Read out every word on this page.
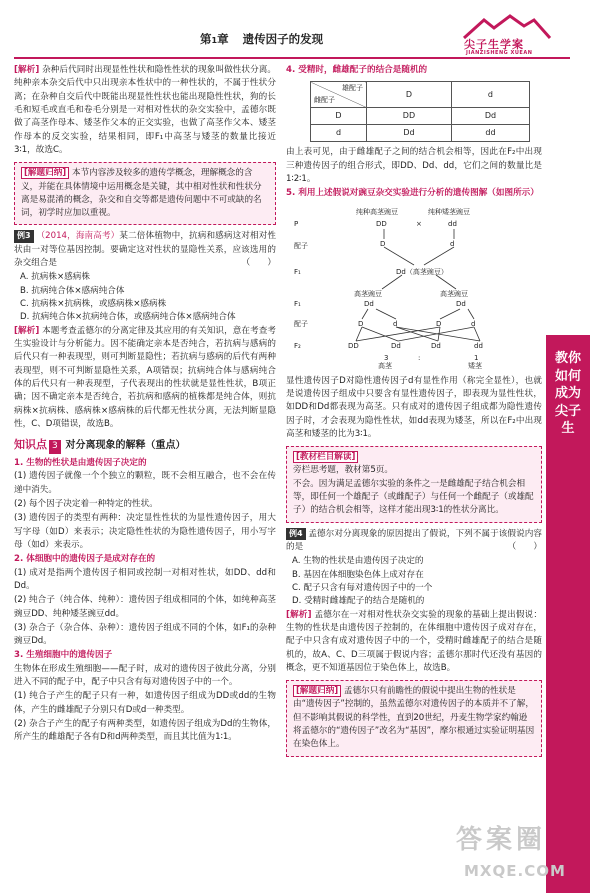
第1章 遗传因子的发现	尖子生学案
JIANZISHENG XUEAN

[解析] 杂种后代同时出现显性性状和隐性性状的现象叫做性状分离。纯种亲本杂交后代中只出现亲本性状中的一种性状的，不属于性状分离；在杂种自交后代中既能出现显性性状也能出现隐性性状，狗的长毛和短毛或直毛和卷毛分别是一对相对性状的杂交实验中，孟德尔既做了高茎作母本、矮茎作父本的正交实验，也做了高茎作父本、矮茎作母本的反交实验，结果相同，即F₁中高茎与矮茎的数量比接近3∶1，故选C。

[解题归纳] 本节内容涉及较多的遗传学概念，理解概念的含义，并能在具体情境中运用概念是关键，其中相对性状和性状分离是易混淆的概念，杂交和自交等都是遗传问题中不可或缺的名词，初学时应加以重视。

例3 （2014，海南高考）某二倍体植物中，抗病和感病这对相对性状由一对等位基因控制。要确定这对性状的显隐性关系，应该选用的杂交组合是	（　　）

A. 抗病株×感病株
B. 抗病纯合体×感病纯合体
C. 抗病株×抗病株，或感病株×感病株
D. 抗病纯合体×抗病纯合体，或感病纯合体×感病纯合体

[解析] 本题考查孟德尔的分离定律及其应用的有关知识，意在考查考生实验设计与分析能力。因不能确定亲本是否纯合，若抗病与感病的后代只有一种表现型，则可判断显隐性；若抗病与感病的后代有两种表现型，则不可判断显隐性关系，A项错误；抗病纯合体与感病纯合体的后代只有一种表现型，子代表现出的性状就是显性性状，B项正确；因不确定亲本是否纯合，若抗病和感病的植株都是纯合体，则抗病株×抗病株、感病株×感病株的后代都无性状分离，无法判断显隐性，C、D项错误，故选B。

知识点 3 对分离现象的解释（重点）
1. 生物的性状是由遗传因子决定的

(1) 遗传因子就像一个个独立的颗粒，既不会相互融合，也不会在传递中消失。

(2) 每个因子决定着一种特定的性状。

(3) 遗传因子的类型有两种：决定显性性状的为显性遗传因子，用大写字母（如D）来表示；决定隐性性状的为隐性遗传因子，用小写字母（如d）来表示。

2. 体细胞中的遗传因子是成对存在的

(1) 成对是指两个遗传因子相同或控制一对相对性状，如DD、dd和Dd。

(2) 纯合子（纯合体、纯种）：遗传因子组成相同的个体，如纯种高茎豌豆DD、纯种矮茎豌豆dd。

(3) 杂合子（杂合体、杂种）：遗传因子组成不同的个体，如F₁的杂种豌豆Dd。

3. 生殖细胞中的遗传因子

生物体在形成生殖细胞——配子时，成对的遗传因子彼此分离，分别进入不同的配子中，配子中只含有每对遗传因子中的一个。

(1) 纯合子产生的配子只有一种，如遗传因子组成为DD或dd的生物体，产生的雌雄配子分别只有D或d一种类型。

(2) 杂合子产生的配子有两种类型，如遗传因子组成为Dd的生物体，所产生的雌雄配子各有D和d两种类型，而且其比值为1∶1。

4. 受精时，雌雄配子的结合是随机的
雄配子
雌配子	D	d
D	DD	Dd
d	Dd	dd

由上表可见，由于雌雄配子之间的结合机会相等，因此在F₂中出现三种遗传因子的组合形式，即DD、Dd、dd，它们之间的数量比是1∶2∶1。

5. 利用上述假说对豌豆杂交实验进行分析的遗传图解（如图所示）
P
纯种高茎豌豆	纯种矮茎豌豆
DD	×	dd
配子	D	d
F₁	Dd（高茎豌豆）
高茎豌豆	高茎豌豆
F₁	Dd	Dd
配子	D	d	D	d
F₂	DD	Dd	Dd	dd
3	:	1
高茎	矮茎

显性遗传因子D对隐性遗传因子d有显性作用（称完全显性），也就是说遗传因子组成中只要含有显性遗传因子，即表现为显性性状，如DD和Dd都表现为高茎。只有成对的遗传因子组成都为隐性遗传因子时，才会表现为隐性性状，如dd表现为矮茎，所以在F₂中出现高茎和矮茎的比为3∶1。

[教材栏目解读]
旁栏思考题，教材第5页。
不会。因为满足孟德尔实验的条件之一是雌雄配子结合机会相等，即任何一个雄配子（或雌配子）与任何一个雌配子（或雄配子）的结合机会相等，这样才能出现3∶1的性状分离比。

例4 孟德尔对分离现象的原因提出了假说，下列不属于该假说内容的是	（　　）

A. 生物的性状是由遗传因子决定的
B. 基因在体细胞染色体上成对存在
C. 配子只含有每对遗传因子中的一个
D. 受精时雌雄配子的结合是随机的

[解析] 孟德尔在一对相对性状杂交实验的现象的基础上提出假说：生物的性状是由遗传因子控制的，在体细胞中遗传因子成对存在，配子中只含有成对遗传因子中的一个，受精时雌雄配子的结合是随机的，故A、C、D三项属于假说内容；孟德尔那时代还没有基因的概念，更不知道基因位于染色体上，故选B。

[解题归纳] 孟德尔只有前瞻性的假说中提出生物的性状是由“遗传因子”控制的，虽然孟德尔对遗传因子的本质并不了解，但不影响其假说的科学性，直到20世纪，丹麦生物学家约翰逊将孟德尔的“遗传因子”改名为“基因”，摩尔根通过实验证明基因在染色体上。
教你如何成为尖子生
答案圈
MXQE.COM
